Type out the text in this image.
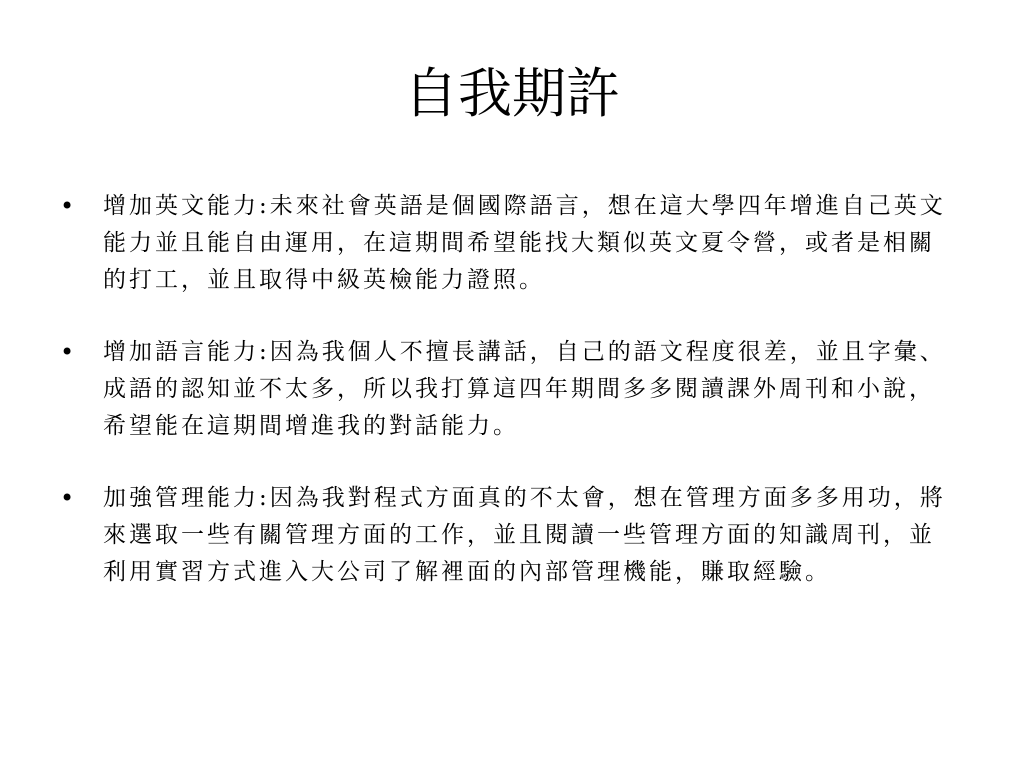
自我期許
• 增加英文能力:未來社會英語是個國際語言，想在這大學四年增進自己英文能力並且能自由運用，在這期間希望能找大類似英文夏令營，或者是相關的打工，並且取得中級英檢能力證照。
• 增加語言能力:因為我個人不擅長講話，自己的語文程度很差，並且字彙、成語的認知並不太多，所以我打算這四年期間多多閱讀課外周刊和小說，希望能在這期間增進我的對話能力。
• 加強管理能力:因為我對程式方面真的不太會，想在管理方面多多用功，將來選取一些有關管理方面的工作，並且閱讀一些管理方面的知識周刊，並利用實習方式進入大公司了解裡面的內部管理機能，賺取經驗。
